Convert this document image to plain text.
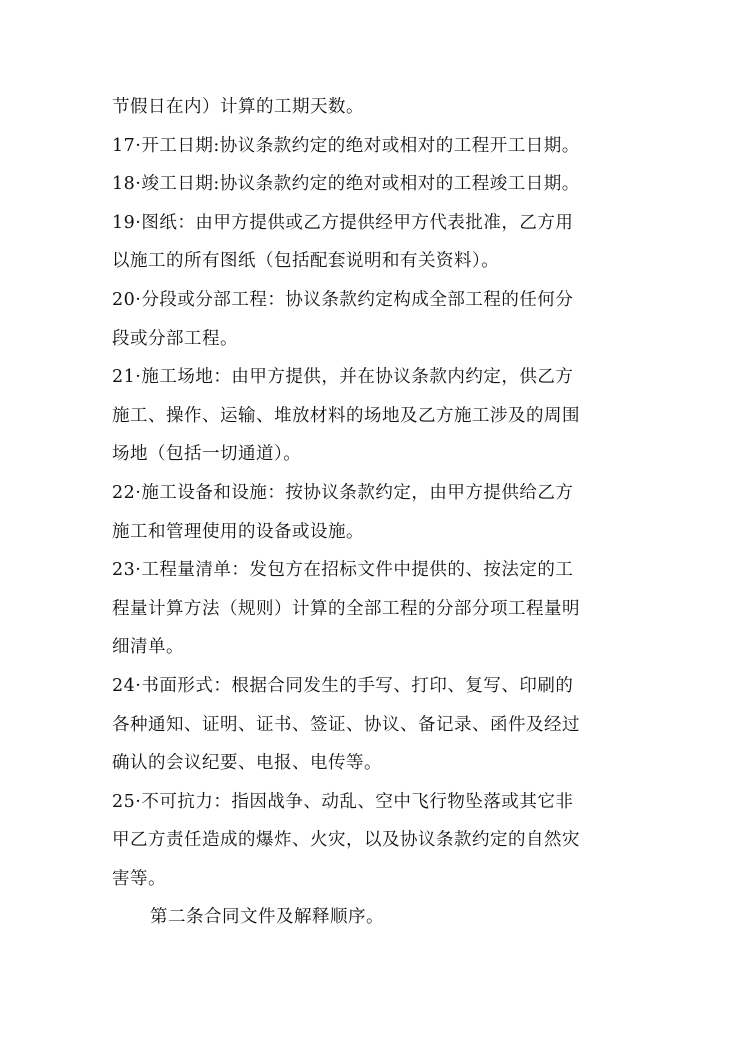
节假日在内）计算的工期天数。
17·开工日期:协议条款约定的绝对或相对的工程开工日期。
18·竣工日期:协议条款约定的绝对或相对的工程竣工日期。
19·图纸：由甲方提供或乙方提供经甲方代表批准，乙方用
以施工的所有图纸（包括配套说明和有关资料）。
20·分段或分部工程：协议条款约定构成全部工程的任何分
段或分部工程。
21·施工场地：由甲方提供，并在协议条款内约定，供乙方
施工、操作、运输、堆放材料的场地及乙方施工涉及的周围
场地（包括一切通道）。
22·施工设备和设施：按协议条款约定，由甲方提供给乙方
施工和管理使用的设备或设施。
23·工程量清单：发包方在招标文件中提供的、按法定的工
程量计算方法（规则）计算的全部工程的分部分项工程量明
细清单。
24·书面形式：根据合同发生的手写、打印、复写、印刷的
各种通知、证明、证书、签证、协议、备记录、函件及经过
确认的会议纪要、电报、电传等。
25·不可抗力：指因战争、动乱、空中飞行物坠落或其它非
甲乙方责任造成的爆炸、火灾，以及协议条款约定的自然灾
害等。
第二条合同文件及解释顺序。
